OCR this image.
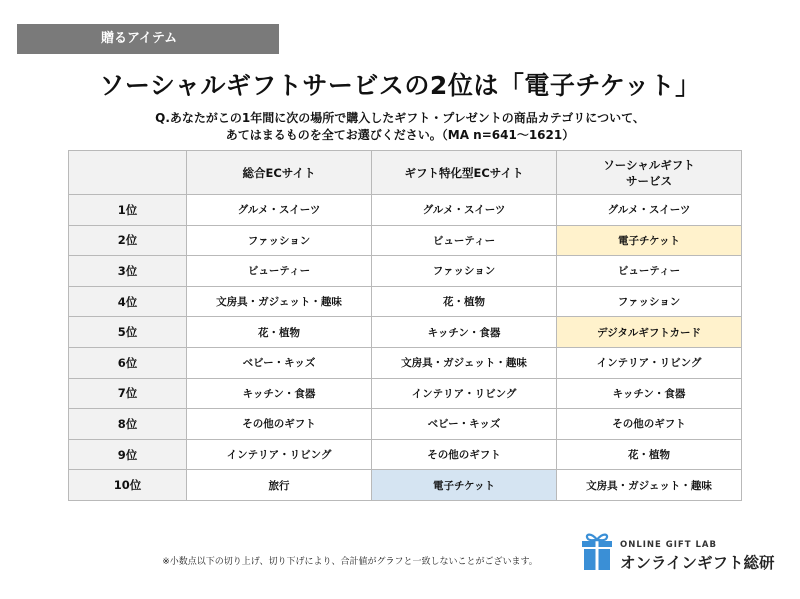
贈るアイテム
ソーシャルギフトサービスの2位は「電子チケット」
Q.あなたがこの1年間に次の場所で購入したギフト・プレゼントの商品カテゴリについて、
あてはまるものを全てお選びください。（MA n=641～1621）
	総合ECサイト	ギフト特化型ECサイト	ソーシャルギフト
サービス
1位	グルメ・スイーツ	グルメ・スイーツ	グルメ・スイーツ
2位	ファッション	ビューティー	電子チケット
3位	ビューティー	ファッション	ビューティー
4位	文房具・ガジェット・趣味	花・植物	ファッション
5位	花・植物	キッチン・食器	デジタルギフトカード
6位	ベビー・キッズ	文房具・ガジェット・趣味	インテリア・リビング
7位	キッチン・食器	インテリア・リビング	キッチン・食器
8位	その他のギフト	ベビー・キッズ	その他のギフト
9位	インテリア・リビング	その他のギフト	花・植物
10位	旅行	電子チケット	文房具・ガジェット・趣味
※小数点以下の切り上げ、切り下げにより、合計値がグラフと一致しないことがございます。
ONLINE GIFT LAB
オンラインギフト総研
